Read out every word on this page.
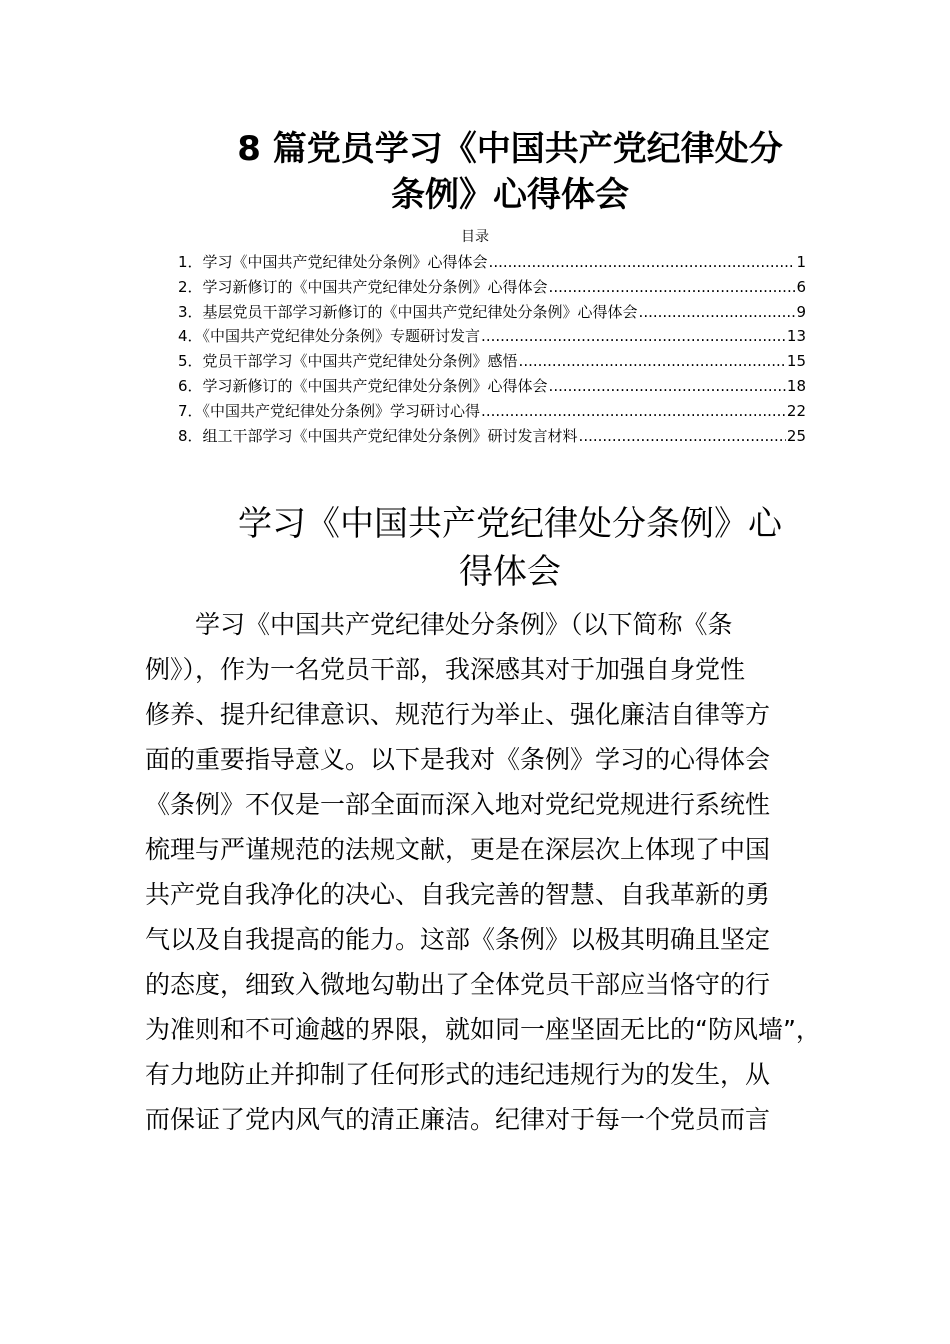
8 篇党员学习《中国共产党纪律处分
条例》心得体会
目录
1．学习《中国共产党纪律处分条例》心得体会 .....	1
2．学习新修订的《中国共产党纪律处分条例》心得体会 .....	6
3．基层党员干部学习新修订的《中国共产党纪律处分条例》心得体会 .....	9
4．《中国共产党纪律处分条例》专题研讨发言 .....	13
5．党员干部学习《中国共产党纪律处分条例》感悟 .....	15
6．学习新修订的《中国共产党纪律处分条例》心得体会 .....	18
7．《中国共产党纪律处分条例》学习研讨心得 .....	22
8．组工干部学习《中国共产党纪律处分条例》研讨发言材料 .....	25
学习《中国共产党纪律处分条例》心
得体会
学习《中国共产党纪律处分条例》（以下简称《条
例》），作为一名党员干部，我深感其对于加强自身党性
修养、提升纪律意识、规范行为举止、强化廉洁自律等方
面的重要指导意义。以下是我对《条例》学习的心得体会
《条例》不仅是一部全面而深入地对党纪党规进行系统性
梳理与严谨规范的法规文献，更是在深层次上体现了中国
共产党自我净化的决心、自我完善的智慧、自我革新的勇
气以及自我提高的能力。这部《条例》以极其明确且坚定
的态度，细致入微地勾勒出了全体党员干部应当恪守的行
为准则和不可逾越的界限，就如同一座坚固无比的“防风墙”，
有力地防止并抑制了任何形式的违纪违规行为的发生，从
而保证了党内风气的清正廉洁。纪律对于每一个党员而言
